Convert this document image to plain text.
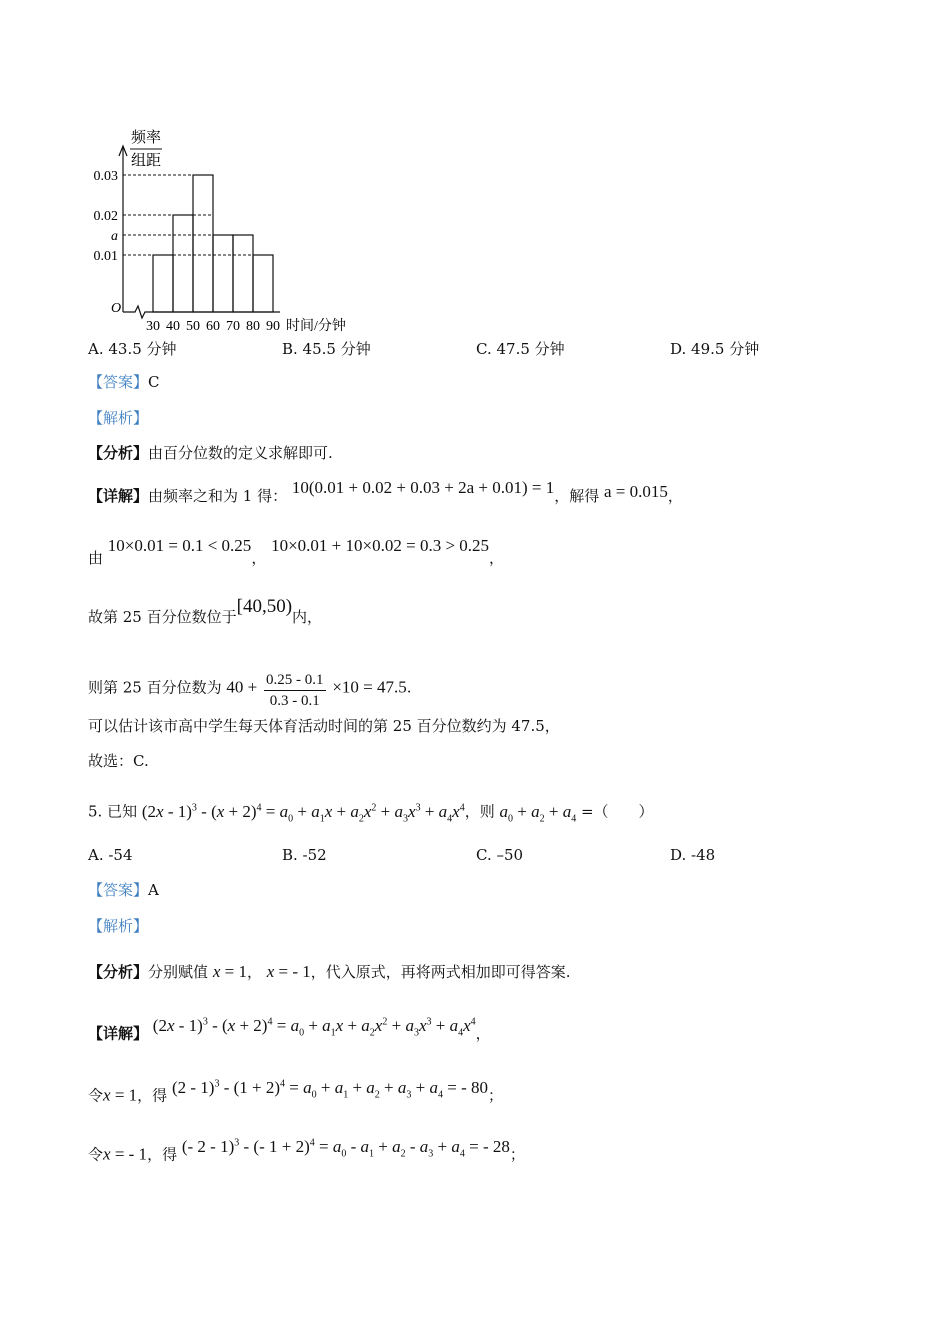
频率
组距
O
0.03
0.02
a
0.01
30 40 50 60 70 80 90 时间/分钟
A. 43.5 分钟	B. 45.5 分钟	C. 47.5 分钟	D. 49.5 分钟
【答案】C
【解析】
【分析】由百分位数的定义求解即可.
【详解】由频率之和为 1 得： 10(0.01 + 0.02 + 0.03 + 2a + 0.01) = 1，解得 a = 0.015，
由 10×0.01 = 0.1 < 0.25， 10×0.01 + 10×0.02 = 0.3 > 0.25，
故第 25 百分位数位于[40,50)内，
则第 25 百分位数为 $40 + \frac{0.25 - 0.1}{0.3 - 0.1} \times 10 = 47.5$.
可以估计该市高中学生每天体育活动时间的第 25 百分位数约为 47.5，
故选：C.
5. 已知 $(2x - 1)^3 - (x + 2)^4 = a_0 + a_1x + a_2x^2 + a_3x^3 + a_4x^4$，则 $a_0 + a_2 + a_4$ =（　　）
A. -54	B. -52	C. –50	D. -48
【答案】A
【解析】
【分析】分别赋值 x = 1， x = - 1，代入原式，再将两式相加即可得答案.
【详解】 $(2x - 1)^3 - (x + 2)^4 = a_0 + a_1x + a_2x^2 + a_3x^3 + a_4x^4$，
令x = 1，得 $(2 - 1)^3 - (1 + 2)^4 = a_0 + a_1 + a_2 + a_3 + a_4$ = - 80；
令x = - 1，得 (- 2 - 1)$^3$ - (- $1 + 2)^4 = a_0 - a_1 + a_2 - a_3 + a_4$ = - 28；
